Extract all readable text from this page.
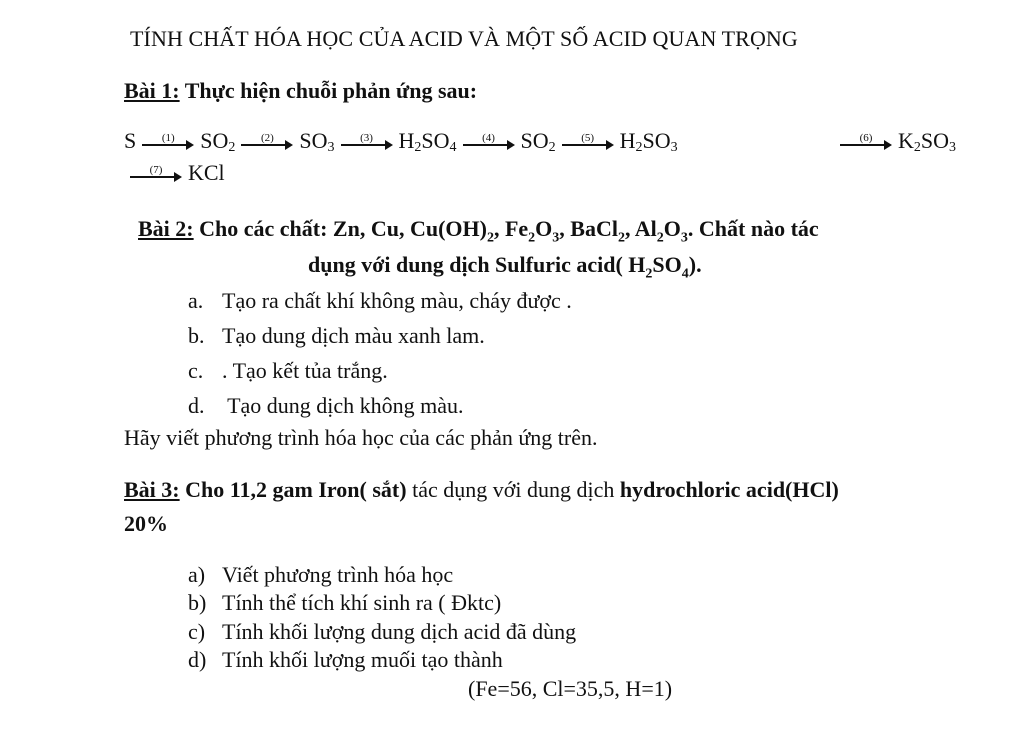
TÍNH CHẤT HÓA HỌC CỦA ACID VÀ MỘT SỐ ACID QUAN TRỌNG
Bài 1: Thực hiện chuỗi phản ứng sau:
S (1) $SO_2$
(2) $SO_3$
(3) $H_2SO_4$
(4) $SO_2$
(5) $H_2SO_3$
(6) $K_2SO_3$
(7) KCl
Bài 2: Cho các chất: Zn, Cu, $Cu(OH)_2$, $Fe_2O_3$, BaCl$_2$, $Al_2O_3$. Chất nào tác
dụng với dung dịch Sulfuric acid( $H_2SO_4$).
a. Tạo ra chất khí không màu, cháy được .
b. Tạo dung dịch màu xanh lam.
c. . Tạo kết tủa trắng.
d. Tạo dung dịch không màu.
Hãy viết phương trình hóa học của các phản ứng trên.
Bài 3: Cho 11,2 gam Iron( sắt) tác dụng với dung dịch hydrochloric acid(HCl)
20%
a) Viết phương trình hóa học
b) Tính thể tích khí sinh ra ( Đktc)
c) Tính khối lượng dung dịch acid đã dùng
d) Tính khối lượng muối tạo thành
(Fe=56, Cl=35,5, H=1)
